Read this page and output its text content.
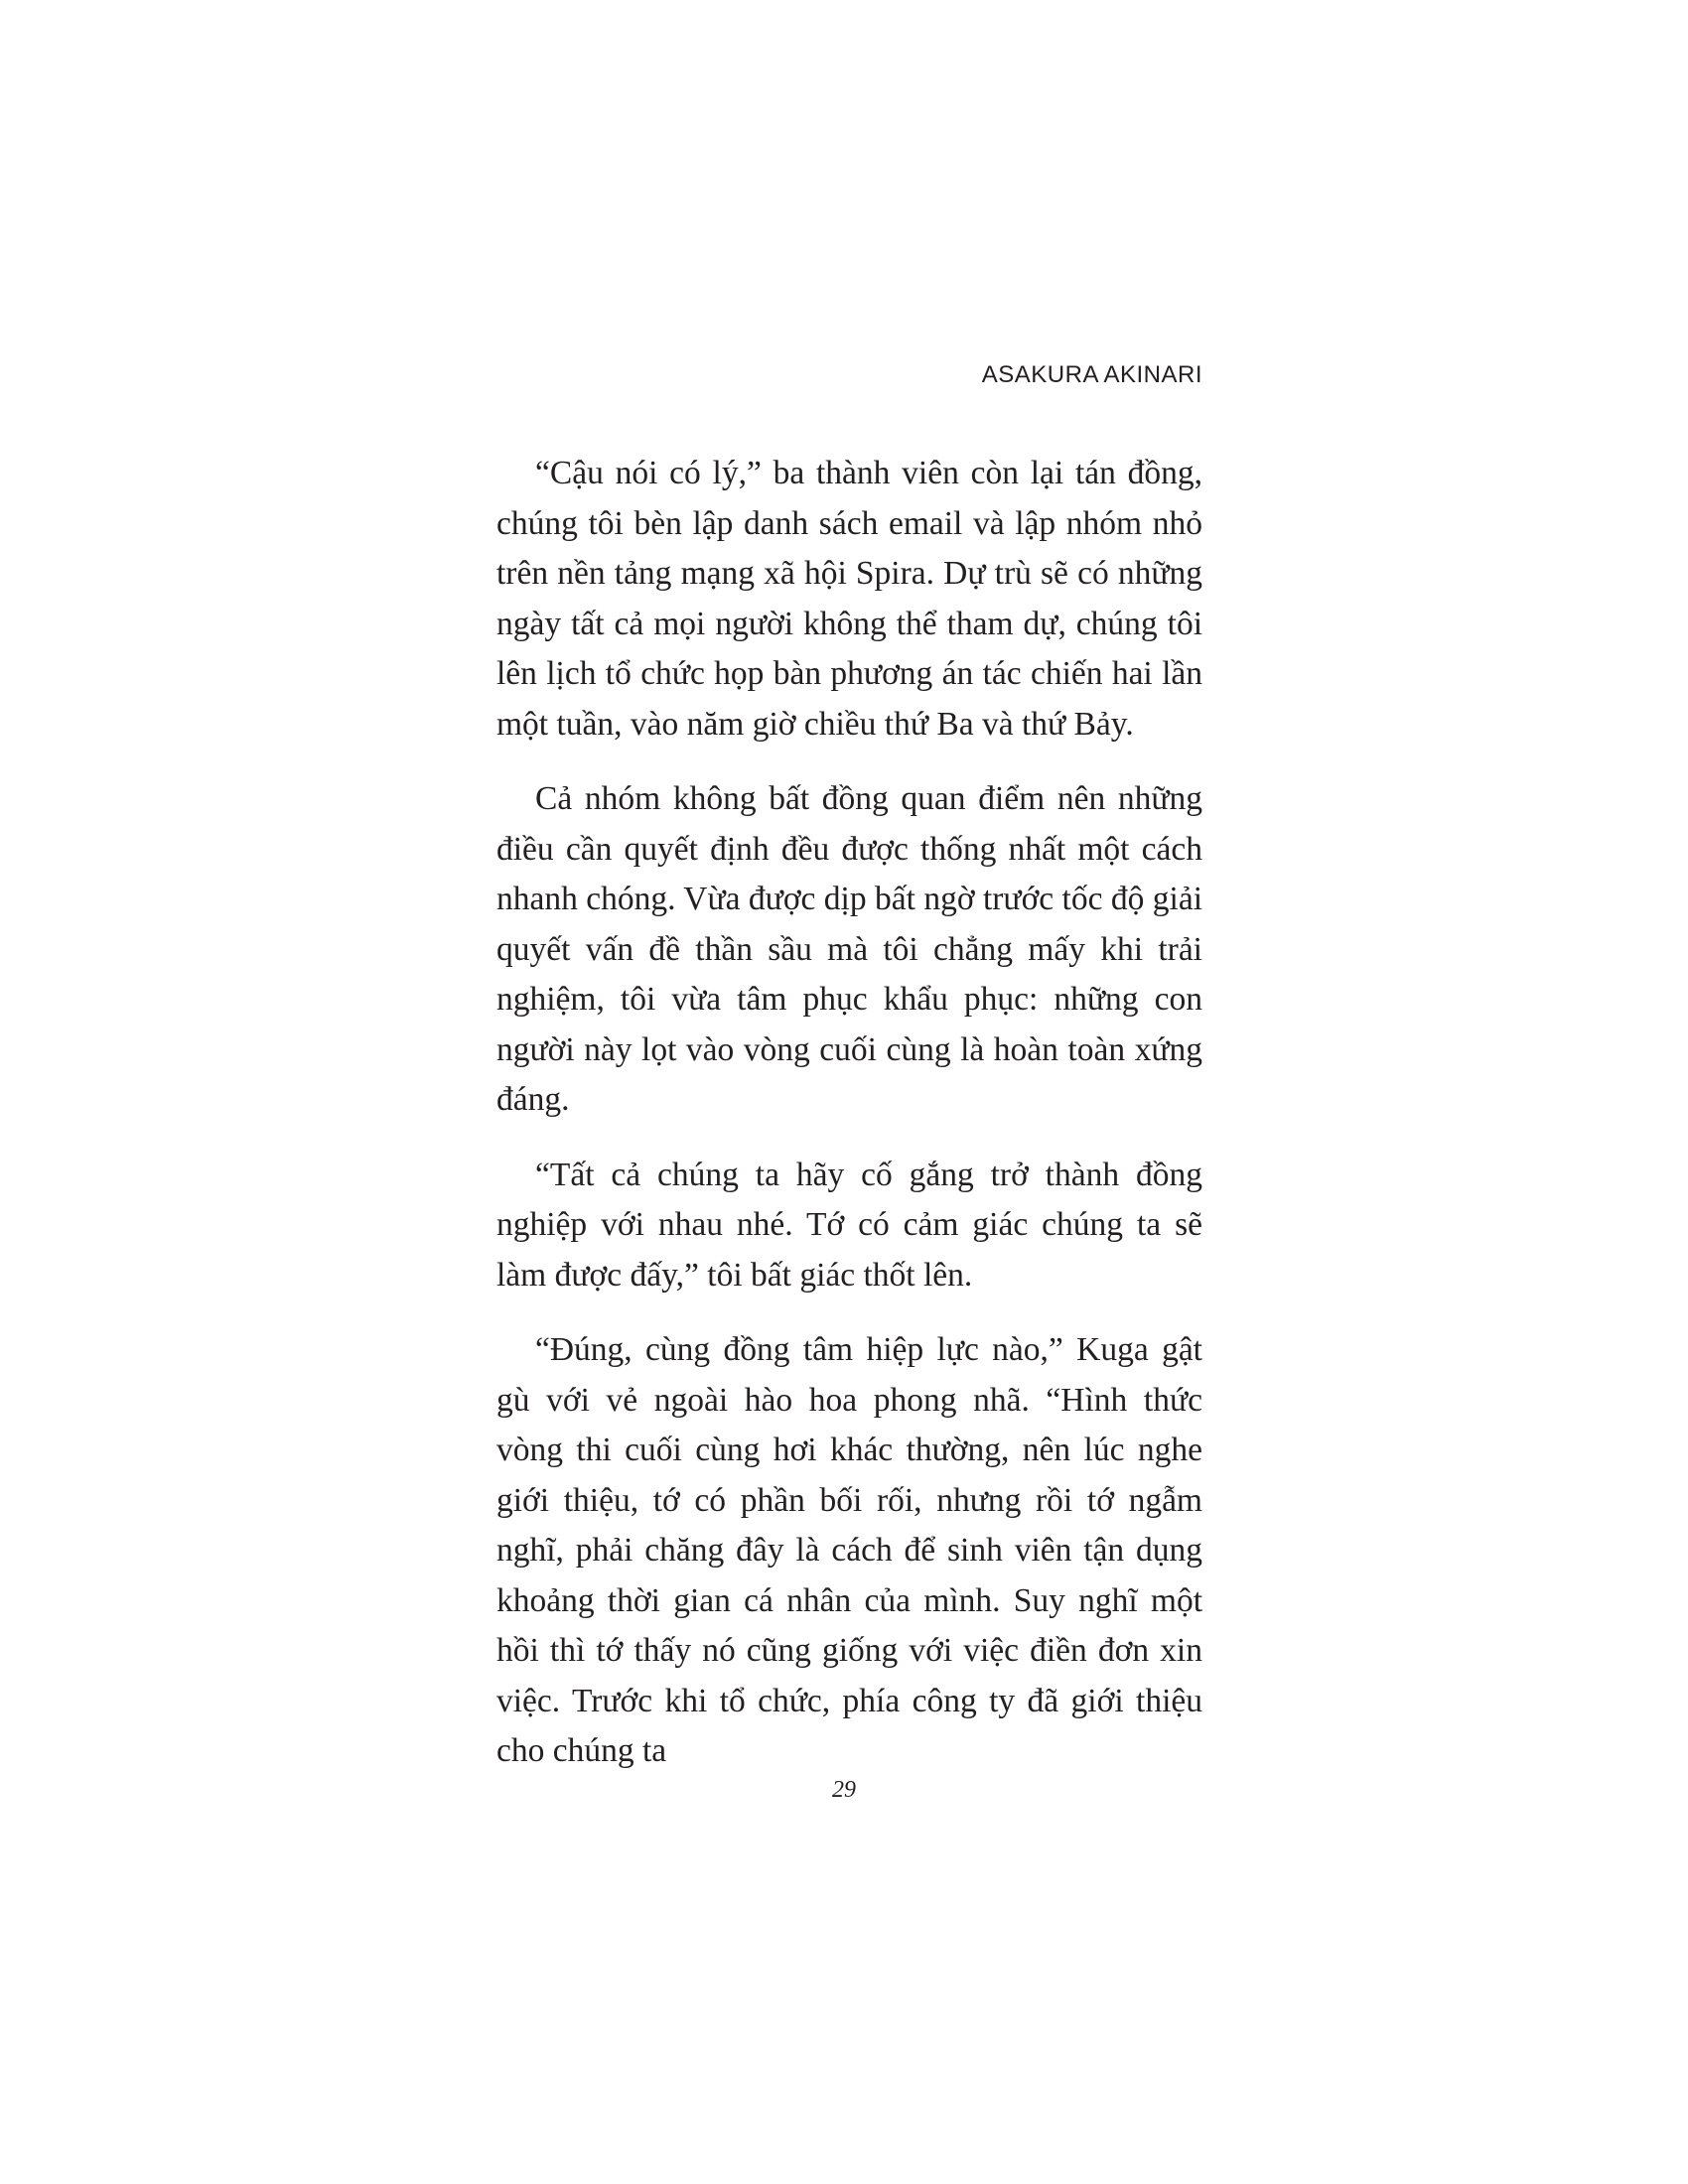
ASAKURA AKINARI

“Cậu nói có lý,” ba thành viên còn lại tán đồng, chúng tôi bèn lập danh sách email và lập nhóm nhỏ trên nền tảng mạng xã hội Spira. Dự trù sẽ có những ngày tất cả mọi người không thể tham dự, chúng tôi lên lịch tổ chức họp bàn phương án tác chiến hai lần một tuần, vào năm giờ chiều thứ Ba và thứ Bảy.

Cả nhóm không bất đồng quan điểm nên những điều cần quyết định đều được thống nhất một cách nhanh chóng. Vừa được dịp bất ngờ trước tốc độ giải quyết vấn đề thần sầu mà tôi chẳng mấy khi trải nghiệm, tôi vừa tâm phục khẩu phục: những con người này lọt vào vòng cuối cùng là hoàn toàn xứng đáng.

“Tất cả chúng ta hãy cố gắng trở thành đồng nghiệp với nhau nhé. Tớ có cảm giác chúng ta sẽ làm được đấy,” tôi bất giác thốt lên.

“Đúng, cùng đồng tâm hiệp lực nào,” Kuga gật gù với vẻ ngoài hào hoa phong nhã. “Hình thức vòng thi cuối cùng hơi khác thường, nên lúc nghe giới thiệu, tớ có phần bối rối, nhưng rồi tớ ngẫm nghĩ, phải chăng đây là cách để sinh viên tận dụng khoảng thời gian cá nhân của mình. Suy nghĩ một hồi thì tớ thấy nó cũng giống với việc điền đơn xin việc. Trước khi tổ chức, phía công ty đã giới thiệu cho chúng ta

29
